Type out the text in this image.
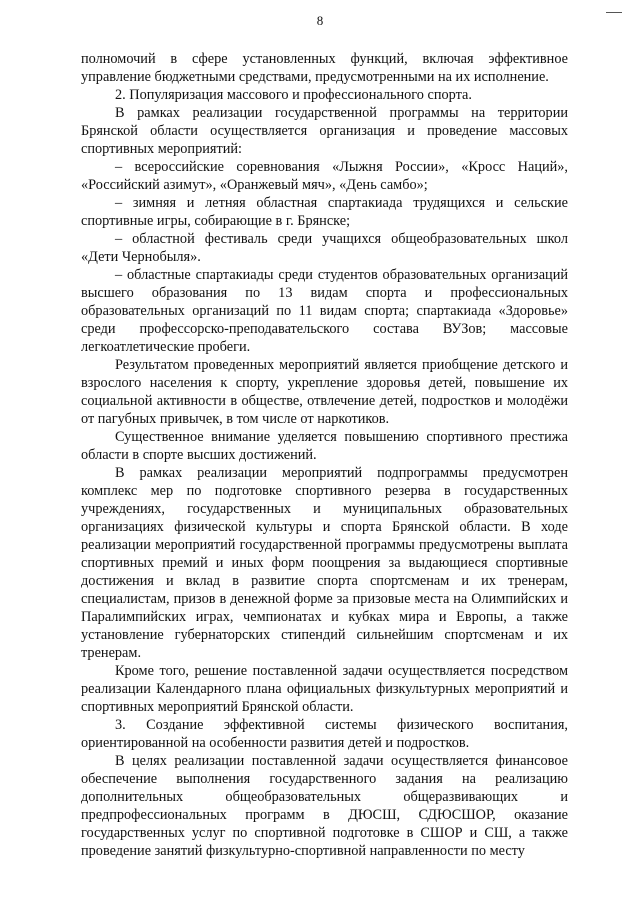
8

полномочий в сфере установленных функций, включая эффективное управление бюджетными средствами, предусмотренными на их исполнение.

2. Популяризация массового и профессионального спорта.

В рамках реализации государственной программы на территории Брянской области осуществляется организация и проведение массовых спортивных мероприятий:

– всероссийские соревнования «Лыжня России», «Кросс Наций», «Российский азимут», «Оранжевый мяч», «День самбо»;

– зимняя и летняя областная спартакиада трудящихся и сельские спортивные игры, собирающие в г. Брянске;

– областной фестиваль среди учащихся общеобразовательных школ «Дети Чернобыля».

– областные спартакиады среди студентов образовательных организаций высшего образования по 13 видам спорта и профессиональных образовательных организаций по 11 видам спорта; спартакиада «Здоровье» среди профессорско-преподавательского состава ВУЗов; массовые легкоатлетические пробеги.

Результатом проведенных мероприятий является приобщение детского и взрослого населения к спорту, укрепление здоровья детей, повышение их социальной активности в обществе, отвлечение детей, подростков и молодёжи от пагубных привычек, в том числе от наркотиков.

Существенное внимание уделяется повышению спортивного престижа области в спорте высших достижений.

В рамках реализации мероприятий подпрограммы предусмотрен комплекс мер по подготовке спортивного резерва в государственных учреждениях, государственных и муниципальных образовательных организациях физической культуры и спорта Брянской области. В ходе реализации мероприятий государственной программы предусмотрены выплата спортивных премий и иных форм поощрения за выдающиеся спортивные достижения и вклад в развитие спорта спортсменам и их тренерам, специалистам, призов в денежной форме за призовые места на Олимпийских и Паралимпийских играх, чемпионатах и кубках мира и Европы, а также установление губернаторских стипендий сильнейшим спортсменам и их тренерам.

Кроме того, решение поставленной задачи осуществляется посредством реализации Календарного плана официальных физкультурных мероприятий и спортивных мероприятий Брянской области.

3. Создание эффективной системы физического воспитания, ориентированной на особенности развития детей и подростков.

В целях реализации поставленной задачи осуществляется финансовое обеспечение выполнения государственного задания на реализацию дополнительных общеобразовательных общеразвивающих и предпрофессиональных программ в ДЮСШ, СДЮСШОР, оказание государственных услуг по спортивной подготовке в СШОР и СШ, а также проведение занятий физкультурно-спортивной направленности по месту
